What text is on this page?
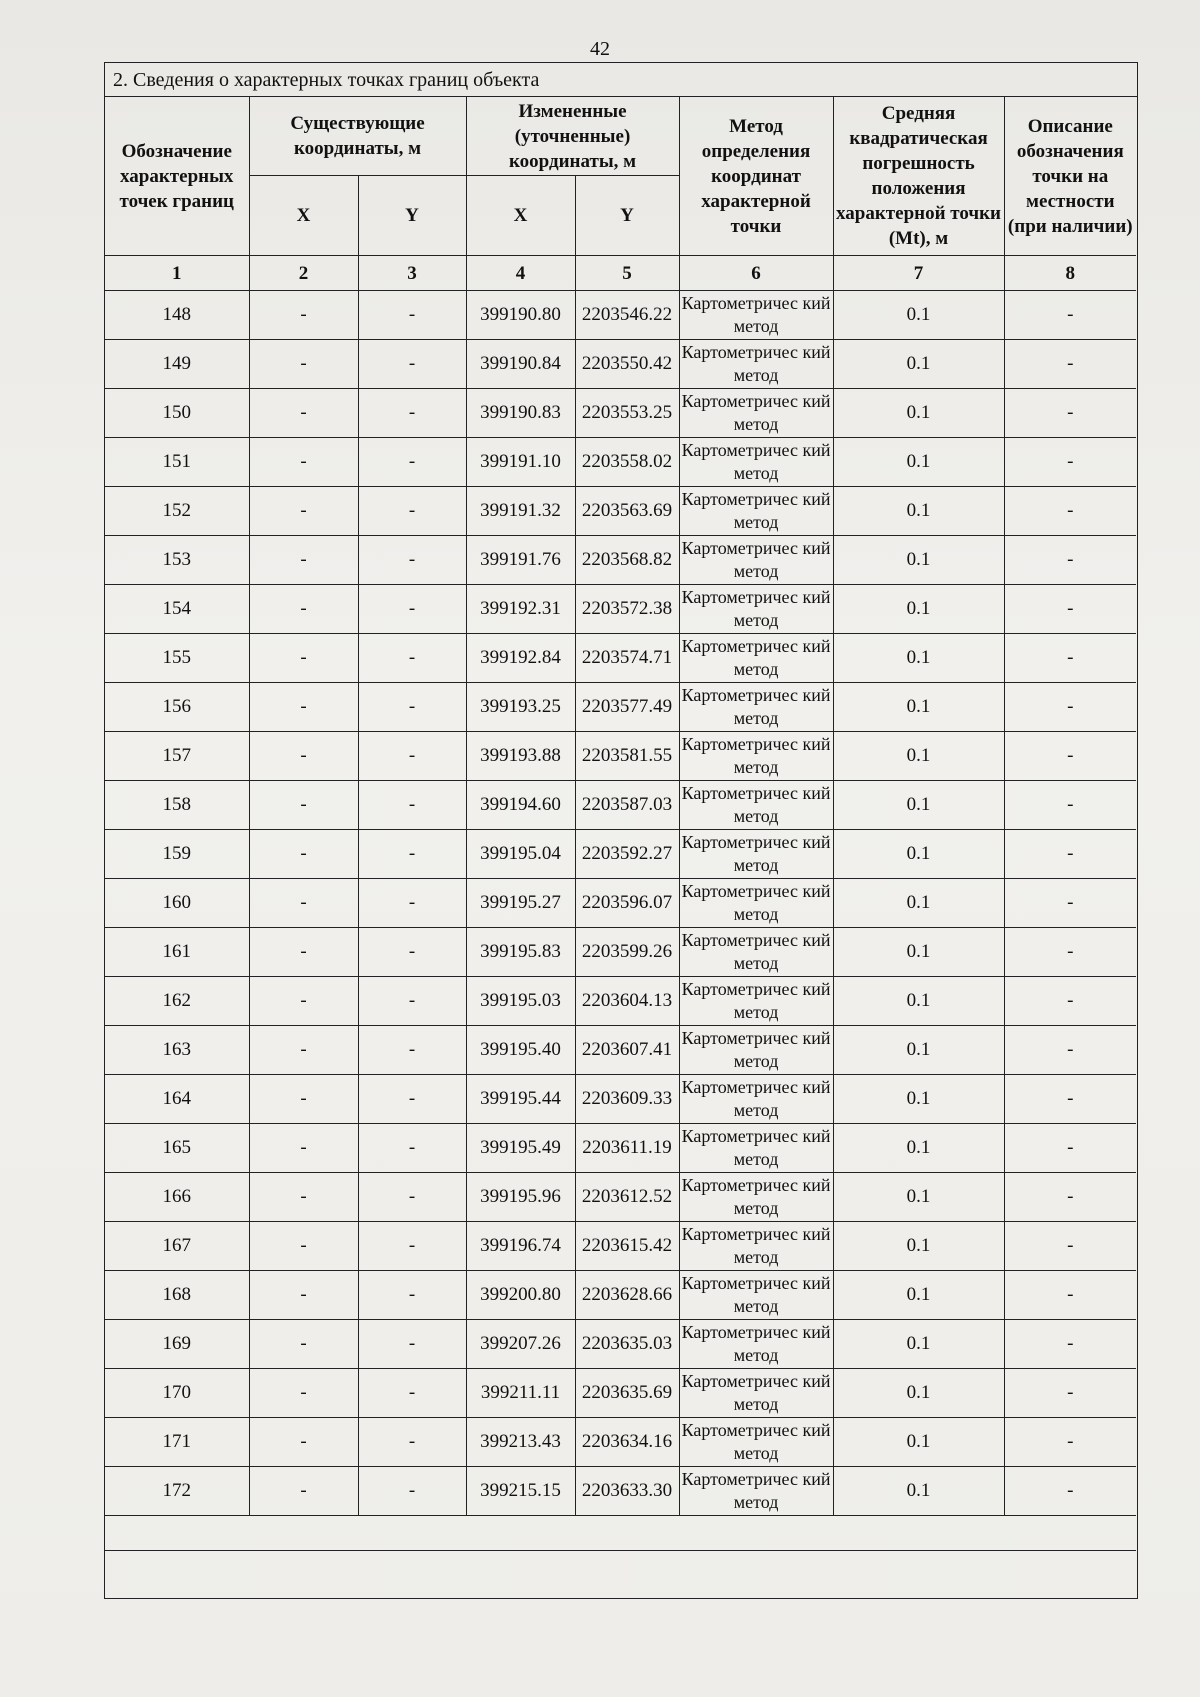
42
2. Сведения о характерных точках границ объекта
Обозначение характерных точек границ	Существующие координаты, м		Измененные (уточненные) координаты, м		Метод определения координат характерной точки	Средняя квадратическая погрешность положения характерной точки (Mt), м	Описание обозначения точки на местности (при наличии)
	X	Y	X	Y			
1	2	3	4	5	6	7	8
148	-	-	399190.80	2203546.22	Картометричес кий метод	0.1	-
149	-	-	399190.84	2203550.42	Картометричес кий метод	0.1	-
150	-	-	399190.83	2203553.25	Картометричес кий метод	0.1	-
151	-	-	399191.10	2203558.02	Картометричес кий метод	0.1	-
152	-	-	399191.32	2203563.69	Картометричес кий метод	0.1	-
153	-	-	399191.76	2203568.82	Картометричес кий метод	0.1	-
154	-	-	399192.31	2203572.38	Картометричес кий метод	0.1	-
155	-	-	399192.84	2203574.71	Картометричес кий метод	0.1	-
156	-	-	399193.25	2203577.49	Картометричес кий метод	0.1	-
157	-	-	399193.88	2203581.55	Картометричес кий метод	0.1	-
158	-	-	399194.60	2203587.03	Картометричес кий метод	0.1	-
159	-	-	399195.04	2203592.27	Картометричес кий метод	0.1	-
160	-	-	399195.27	2203596.07	Картометричес кий метод	0.1	-
161	-	-	399195.83	2203599.26	Картометричес кий метод	0.1	-
162	-	-	399195.03	2203604.13	Картометричес кий метод	0.1	-
163	-	-	399195.40	2203607.41	Картометричес кий метод	0.1	-
164	-	-	399195.44	2203609.33	Картометричес кий метод	0.1	-
165	-	-	399195.49	2203611.19	Картометричес кий метод	0.1	-
166	-	-	399195.96	2203612.52	Картометричес кий метод	0.1	-
167	-	-	399196.74	2203615.42	Картометричес кий метод	0.1	-
168	-	-	399200.80	2203628.66	Картометричес кий метод	0.1	-
169	-	-	399207.26	2203635.03	Картометричес кий метод	0.1	-
170	-	-	399211.11	2203635.69	Картометричес кий метод	0.1	-
171	-	-	399213.43	2203634.16	Картометричес кий метод	0.1	-
172	-	-	399215.15	2203633.30	Картометричес кий метод	0.1	-
